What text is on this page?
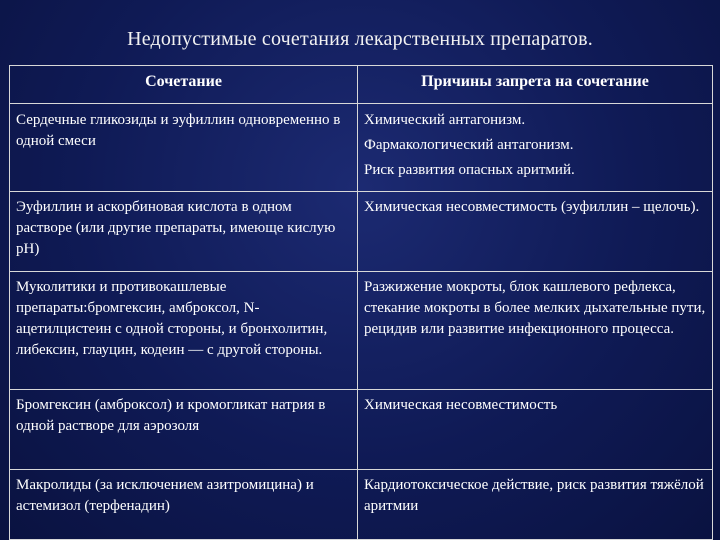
Недопустимые сочетания лекарственных препаратов.
Сочетание	Причины запрета на сочетание
Сердечные гликозиды и эуфиллин одновременно в одной смеси	Химический антагонизм.
Фармакологический антагонизм.
Риск развития опасных аритмий.

Эуфиллин и аскорбиновая кислота в одном растворе (или другие препараты, имеюще кислую рН)	Химическая несовместимость (эуфиллин – щелочь).
Муколитики и противокашлевые препараты:бромгексин, амброксол, N-ацетилцистеин с одной стороны, и бронхолитин, либексин, глауцин, кодеин — с другой стороны.	Разжижение мокроты, блок кашлевого рефлекса, стекание мокроты в более мелких дыхательные пути, рецидив или развитие инфекционного процесса.
Бромгексин (амброксол) и кромогликат натрия в одной растворе для аэрозоля	Химическая несовместимость
Макролиды (за исключением азитромицина) и астемизол (терфенадин)	Кардиотоксическое действие, риск развития тяжёлой аритмии
